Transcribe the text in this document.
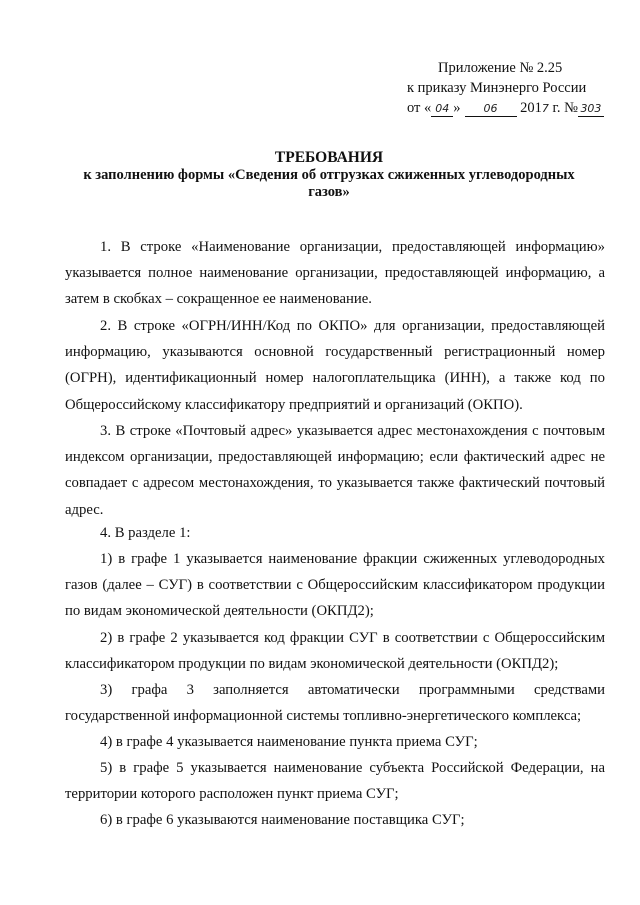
Приложение № 2.25
к приказу Минэнерго России
от « 04 » 06 2017 г. № 303
ТРЕБОВАНИЯ
к заполнению формы «Сведения об отгрузках сжиженных углеводородных газов»
1. В строке «Наименование организации, предоставляющей информацию» указывается полное наименование организации, предоставляющей информацию, а затем в скобках – сокращенное ее наименование.
2. В строке «ОГРН/ИНН/Код по ОКПО» для организации, предоставляющей информацию, указываются основной государственный регистрационный номер (ОГРН), идентификационный номер налогоплательщика (ИНН), а также код по Общероссийскому классификатору предприятий и организаций (ОКПО).
3. В строке «Почтовый адрес» указывается адрес местонахождения с почтовым индексом организации, предоставляющей информацию; если фактический адрес не совпадает с адресом местонахождения, то указывается также фактический почтовый адрес.
4. В разделе 1:
1) в графе 1 указывается наименование фракции сжиженных углеводородных газов (далее – СУГ) в соответствии с Общероссийским классификатором продукции по видам экономической деятельности (ОКПД2);
2) в графе 2 указывается код фракции СУГ в соответствии с Общероссийским классификатором продукции по видам экономической деятельности (ОКПД2);
3) графа 3 заполняется автоматически программными средствами государственной информационной системы топливно-энергетического комплекса;
4) в графе 4 указывается наименование пункта приема СУГ;
5) в графе 5 указывается наименование субъекта Российской Федерации, на территории которого расположен пункт приема СУГ;
6) в графе 6 указываются наименование поставщика СУГ;
